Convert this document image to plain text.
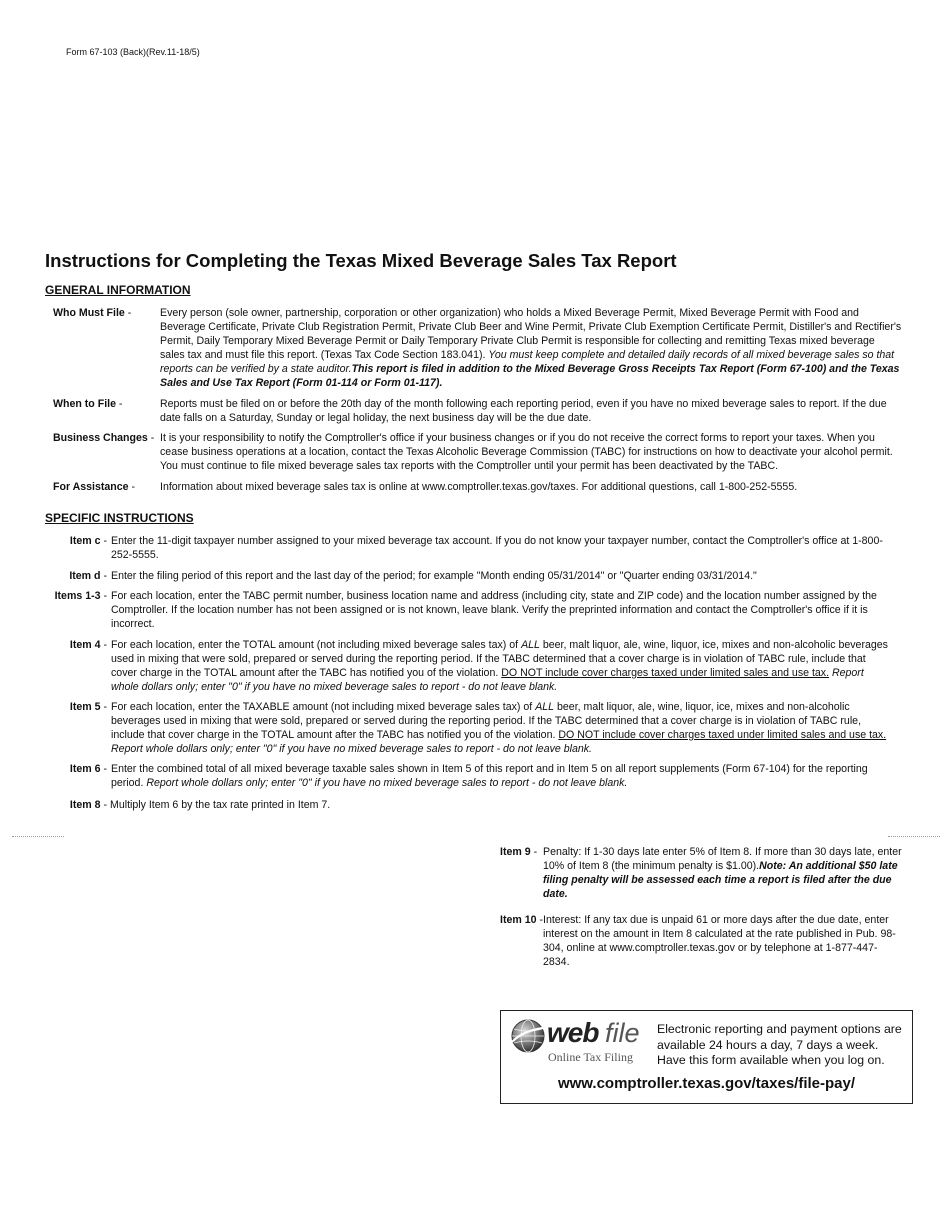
Form 67-103 (Back)(Rev.11-18/5)
Instructions for Completing the Texas Mixed Beverage Sales Tax Report
GENERAL INFORMATION
Who Must File -	Every person (sole owner, partnership, corporation or other organization) who holds a Mixed Beverage Permit, Mixed Beverage Permit with Food and Beverage Certificate, Private Club Registration Permit, Private Club Beer and Wine Permit, Private Club Exemption Certificate Permit, Distiller's and Rectifier's Permit, Daily Temporary Mixed Beverage Permit or Daily Temporary Private Club Permit is responsible for collecting and remitting Texas mixed beverage sales tax and must file this report. (Texas Tax Code Section 183.041). You must keep complete and detailed daily records of all mixed beverage sales so that reports can be verified by a state auditor.This report is filed in addition to the Mixed Beverage Gross Receipts Tax Report (Form 67-100) and the Texas Sales and Use Tax Report (Form 01-114 or Form 01-117).
When to File -	Reports must be filed on or before the 20th day of the month following each reporting period, even if you have no mixed beverage sales to report. If the due date falls on a Saturday, Sunday or legal holiday, the next business day will be the due date.
Business Changes - It is your responsibility to notify the Comptroller's office if your business changes or if you do not receive the correct forms to report your taxes. When you cease business operations at a location, contact the Texas Alcoholic Beverage Commission (TABC) for instructions on how to deactivate your alcohol permit. You must continue to file mixed beverage sales tax reports with the Comptroller until your permit has been deactivated by the TABC.
For Assistance - Information about mixed beverage sales tax is online at www.comptroller.texas.gov/taxes. For additional questions, call 1-800-252-5555.
SPECIFIC INSTRUCTIONS
Item c - Enter the 11-digit taxpayer number assigned to your mixed beverage tax account. If you do not know your taxpayer number, contact the Comptroller's office at 1-800-252-5555.
Item d - Enter the filing period of this report and the last day of the period; for example "Month ending 05/31/2014" or "Quarter ending 03/31/2014."
Items 1-3 - For each location, enter the TABC permit number, business location name and address (including city, state and ZIP code) and the location number assigned by the Comptroller. If the location number has not been assigned or is not known, leave blank. Verify the preprinted information and contact the Comptroller's office if it is incorrect.
Item 4 - For each location, enter the TOTAL amount (not including mixed beverage sales tax) of ALL beer, malt liquor, ale, wine, liquor, ice, mixes and non-alcoholic beverages used in mixing that were sold, prepared or served during the reporting period. If the TABC determined that a cover charge is in violation of TABC rule, include that cover charge in the TOTAL amount after the TABC has notified you of the violation. DO NOT include cover charges taxed under limited sales and use tax. Report whole dollars only; enter "0" if you have no mixed beverage sales to report - do not leave blank.
Item 5 - For each location, enter the TAXABLE amount (not including mixed beverage sales tax) of ALL beer, malt liquor, ale, wine, liquor, ice, mixes and non-alcoholic beverages used in mixing that were sold, prepared or served during the reporting period. If the TABC determined that a cover charge is in violation of TABC rule, include that cover charge in the TOTAL amount after the TABC has notified you of the violation. DO NOT include cover charges taxed under limited sales and use tax. Report whole dollars only; enter "0" if you have no mixed beverage sales to report - do not leave blank.
Item 6 - Enter the combined total of all mixed beverage taxable sales shown in Item 5 of this report and in Item 5 on all report supplements (Form 67-104) for the reporting period. Report whole dollars only; enter "0" if you have no mixed beverage sales to report - do not leave blank.
Item 8 - Multiply Item 6 by the tax rate printed in Item 7.
Item 9 - Penalty: If 1-30 days late enter 5% of Item 8. If more than 30 days late, enter 10% of Item 8 (the minimum penalty is $1.00).Note: An additional $50 late filing penalty will be assessed each time a report is filed after the due date.
Item 10 - Interest: If any tax due is unpaid 61 or more days after the due date, enter interest on the amount in Item 8 calculated at the rate published in Pub. 98-304, online at www.comptroller.texas.gov or by telephone at 1-877-447-2834.
web file
Online Tax Filing
Electronic reporting and payment options are available 24 hours a day, 7 days a week. Have this form available when you log on.
www.comptroller.texas.gov/taxes/file-pay/
